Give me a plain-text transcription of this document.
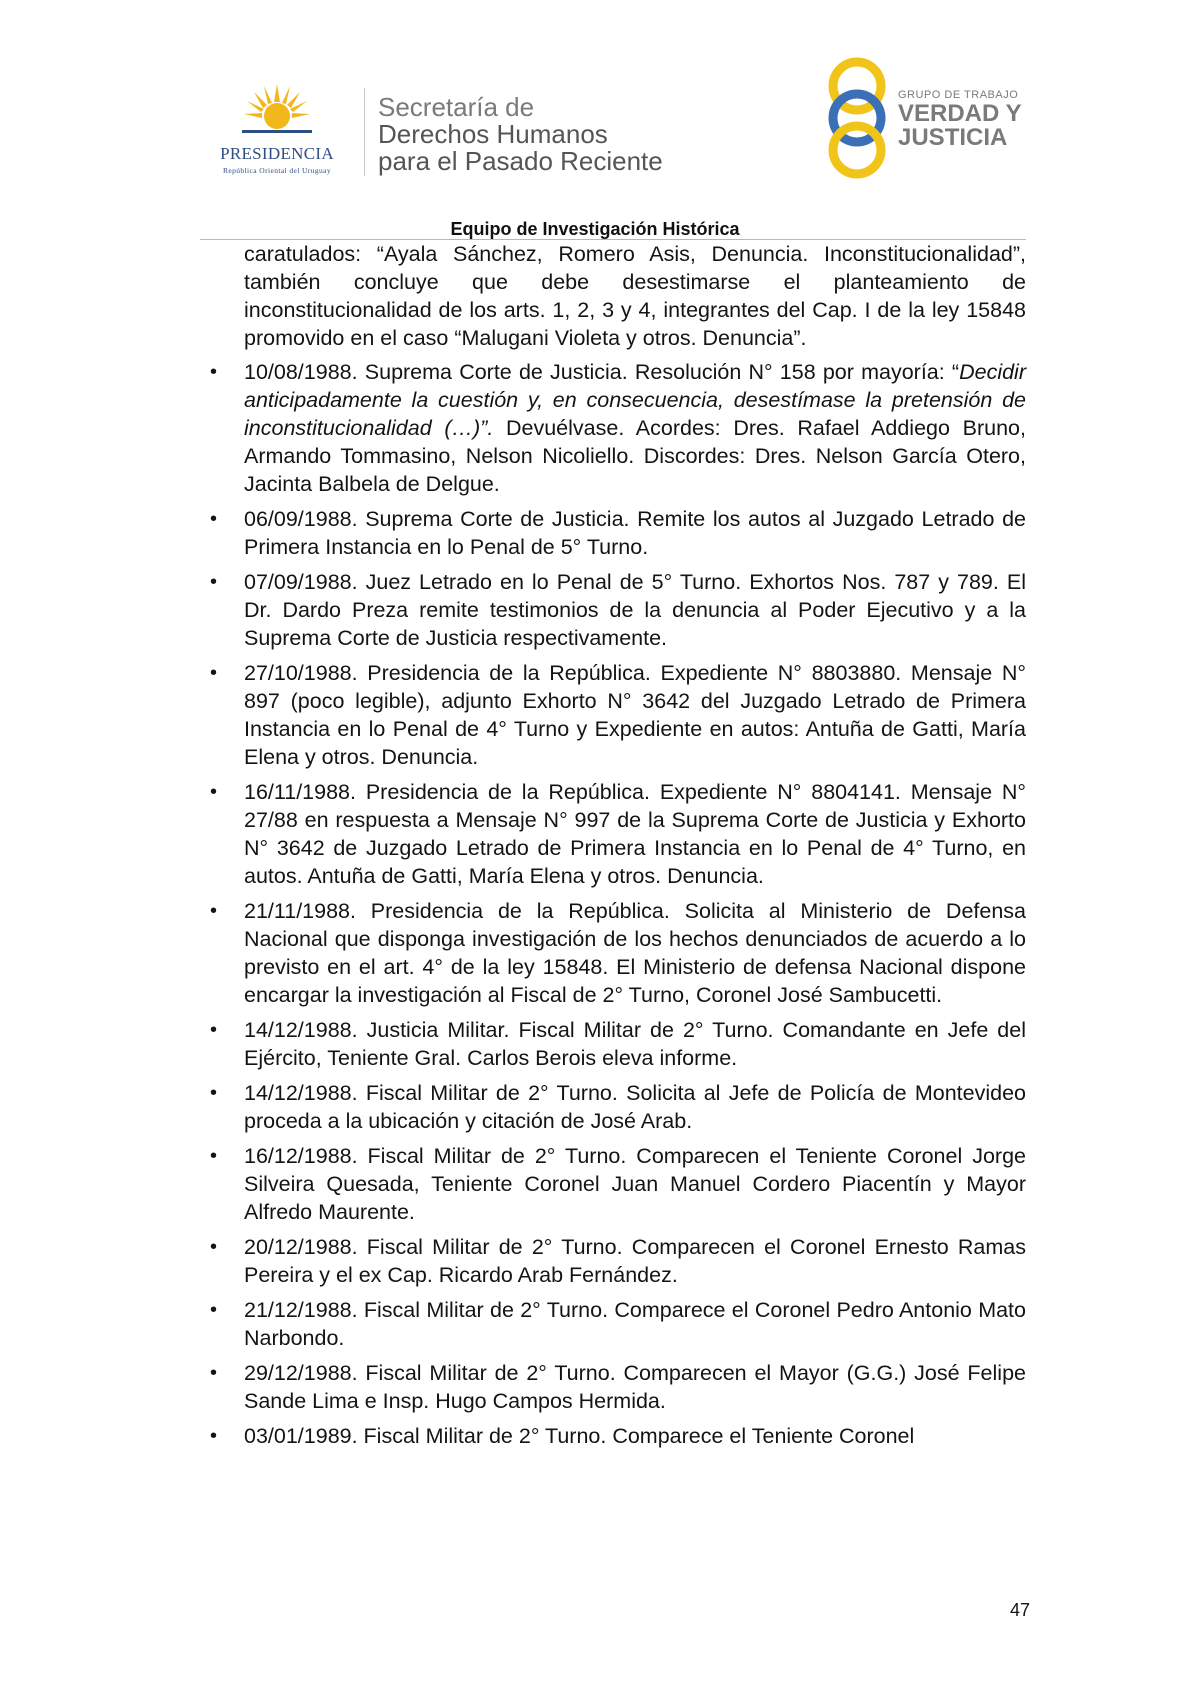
PRESIDENCIA
República Oriental del Uruguay
Secretaría de
Derechos Humanos
para el Pasado Reciente
GRUPO DE TRABAJO
VERDAD Y
JUSTICIA
Equipo de Investigación Histórica

caratulados: “Ayala Sánchez, Romero Asis, Denuncia. Inconstitucionalidad”, también concluye que debe desestimarse el planteamiento de inconstitucionalidad de los arts. 1, 2, 3 y 4, integrantes del Cap. I de la ley 15848 promovido en el caso “Malugani Violeta y otros. Denuncia”.

• 10/08/1988. Suprema Corte de Justicia. Resolución N° 158 por mayoría: “Decidir anticipadamente la cuestión y, en consecuencia, desestímase la pretensión de inconstitucionalidad (…)”. Devuélvase. Acordes: Dres. Rafael Addiego Bruno, Armando Tommasino, Nelson Nicoliello. Discordes: Dres. Nelson García Otero, Jacinta Balbela de Delgue.
• 06/09/1988. Suprema Corte de Justicia. Remite los autos al Juzgado Letrado de Primera Instancia en lo Penal de 5° Turno.
• 07/09/1988. Juez Letrado en lo Penal de 5° Turno. Exhortos Nos. 787 y 789. El Dr. Dardo Preza remite testimonios de la denuncia al Poder Ejecutivo y a la Suprema Corte de Justicia respectivamente.
• 27/10/1988. Presidencia de la República. Expediente N° 8803880. Mensaje N° 897 (poco legible), adjunto Exhorto N° 3642 del Juzgado Letrado de Primera Instancia en lo Penal de 4° Turno y Expediente en autos: Antuña de Gatti, María Elena y otros. Denuncia.
• 16/11/1988. Presidencia de la República. Expediente N° 8804141. Mensaje N° 27/88 en respuesta a Mensaje N° 997 de la Suprema Corte de Justicia y Exhorto N° 3642 de Juzgado Letrado de Primera Instancia en lo Penal de 4° Turno, en autos. Antuña de Gatti, María Elena y otros. Denuncia.
• 21/11/1988. Presidencia de la República. Solicita al Ministerio de Defensa Nacional que disponga investigación de los hechos denunciados de acuerdo a lo previsto en el art. 4° de la ley 15848. El Ministerio de defensa Nacional dispone encargar la investigación al Fiscal de 2° Turno, Coronel José Sambucetti.
• 14/12/1988. Justicia Militar. Fiscal Militar de 2° Turno. Comandante en Jefe del Ejército, Teniente Gral. Carlos Berois eleva informe.
• 14/12/1988. Fiscal Militar de 2° Turno. Solicita al Jefe de Policía de Montevideo proceda a la ubicación y citación de José Arab.
• 16/12/1988. Fiscal Militar de 2° Turno. Comparecen el Teniente Coronel Jorge Silveira Quesada, Teniente Coronel Juan Manuel Cordero Piacentín y Mayor Alfredo Maurente.
• 20/12/1988. Fiscal Militar de 2° Turno. Comparecen el Coronel Ernesto Ramas Pereira y el ex Cap. Ricardo Arab Fernández.
• 21/12/1988. Fiscal Militar de 2° Turno. Comparece el Coronel Pedro Antonio Mato Narbondo.
• 29/12/1988. Fiscal Militar de 2° Turno. Comparecen el Mayor (G.G.) José Felipe Sande Lima e Insp. Hugo Campos Hermida.
• 03/01/1989. Fiscal Militar de 2° Turno. Comparece el Teniente Coronel
47
